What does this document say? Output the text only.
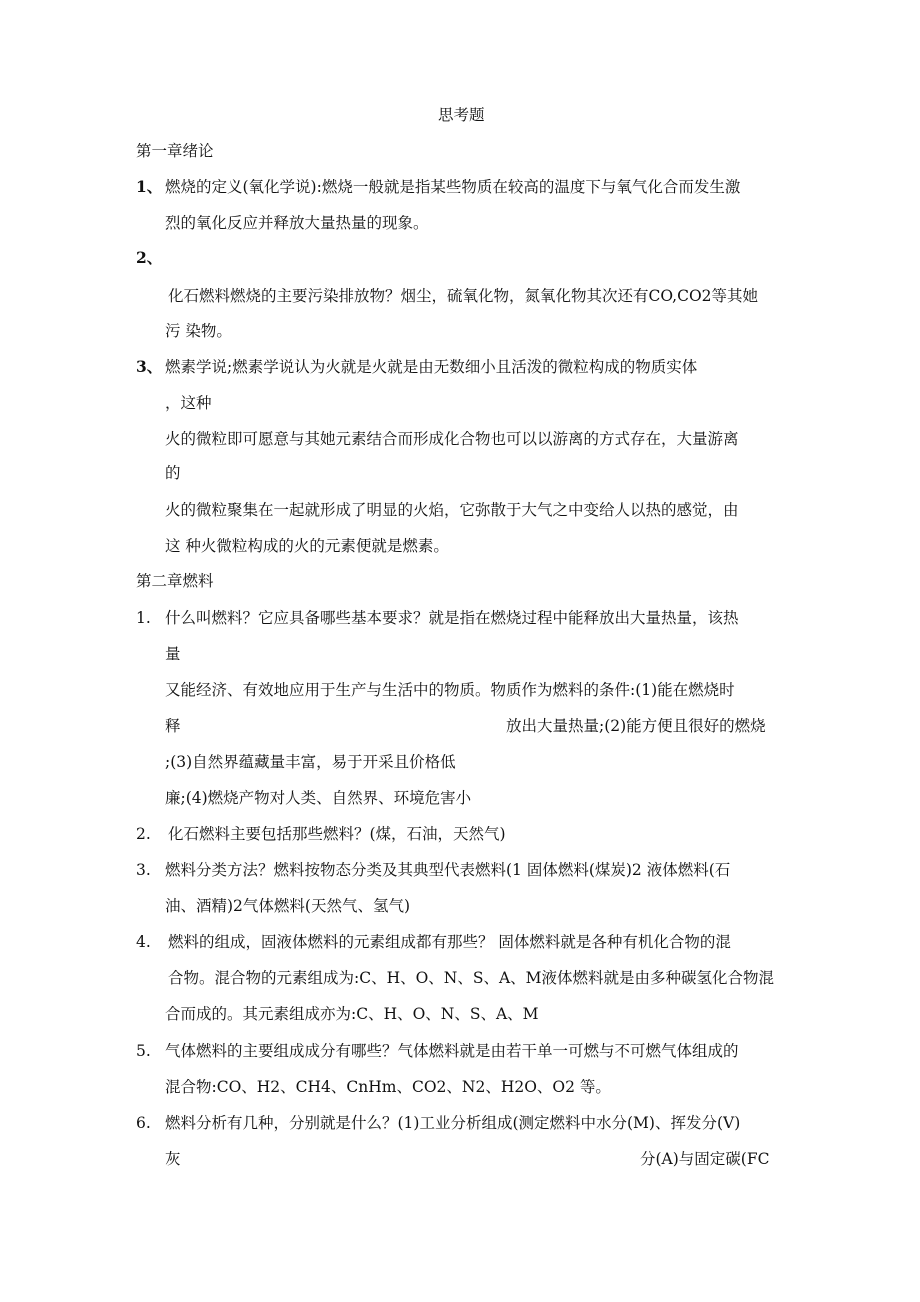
思考题

第一章绪论

1、 燃烧的定义(氧化学说):燃烧一般就是指某些物质在较高的温度下与氧气化合而发生激

烈的氧化反应并释放大量热量的现象。

2、

化石燃料燃烧的主要污染排放物？烟尘，硫氧化物，氮氧化物其次还有CO,CO2等其她

污 染物。

3、 燃素学说;燃素学说认为火就是火就是由无数细小且活泼的微粒构成的物质实体

，这种

火的微粒即可愿意与其她元素结合而形成化合物也可以以游离的方式存在，大量游离

的

火的微粒聚集在一起就形成了明显的火焰，它弥散于大气之中变给人以热的感觉，由

这 种火微粒构成的火的元素便就是燃素。

第二章燃料

1. 什么叫燃料？它应具备哪些基本要求？就是指在燃烧过程中能释放出大量热量，该热

量

又能经济、有效地应用于生产与生活中的物质。物质作为燃料的条件:(1)能在燃烧时

释	放出大量热量;(2)能方便且很好的燃烧

;(3)自然界蕴藏量丰富，易于开采且价格低

廉;(4)燃烧产物对人类、自然界、环境危害小

2. 化石燃料主要包括那些燃料？(煤，石油，天然气)

3. 燃料分类方法？燃料按物态分类及其典型代表燃料(1 固体燃料(煤炭)2 液体燃料(石

油、酒精)2气体燃料(天然气、氢气)

4. 燃料的组成，固液体燃料的元素组成都有那些？ 固体燃料就是各种有机化合物的混

合物。混合物的元素组成为:C、H、O、N、S、A、M液体燃料就是由多种碳氢化合物混

合而成的。其元素组成亦为:C、H、O、N、S、A、M

5. 气体燃料的主要组成成分有哪些？气体燃料就是由若干单一可燃与不可燃气体组成的

混合物:CO、H2、CH4、CnHm、CO2、N2、H2O、O2 等。

6. 燃料分析有几种，分别就是什么？(1)工业分析组成(测定燃料中水分(M)、挥发分(V)

灰	分(A)与固定碳(FC
